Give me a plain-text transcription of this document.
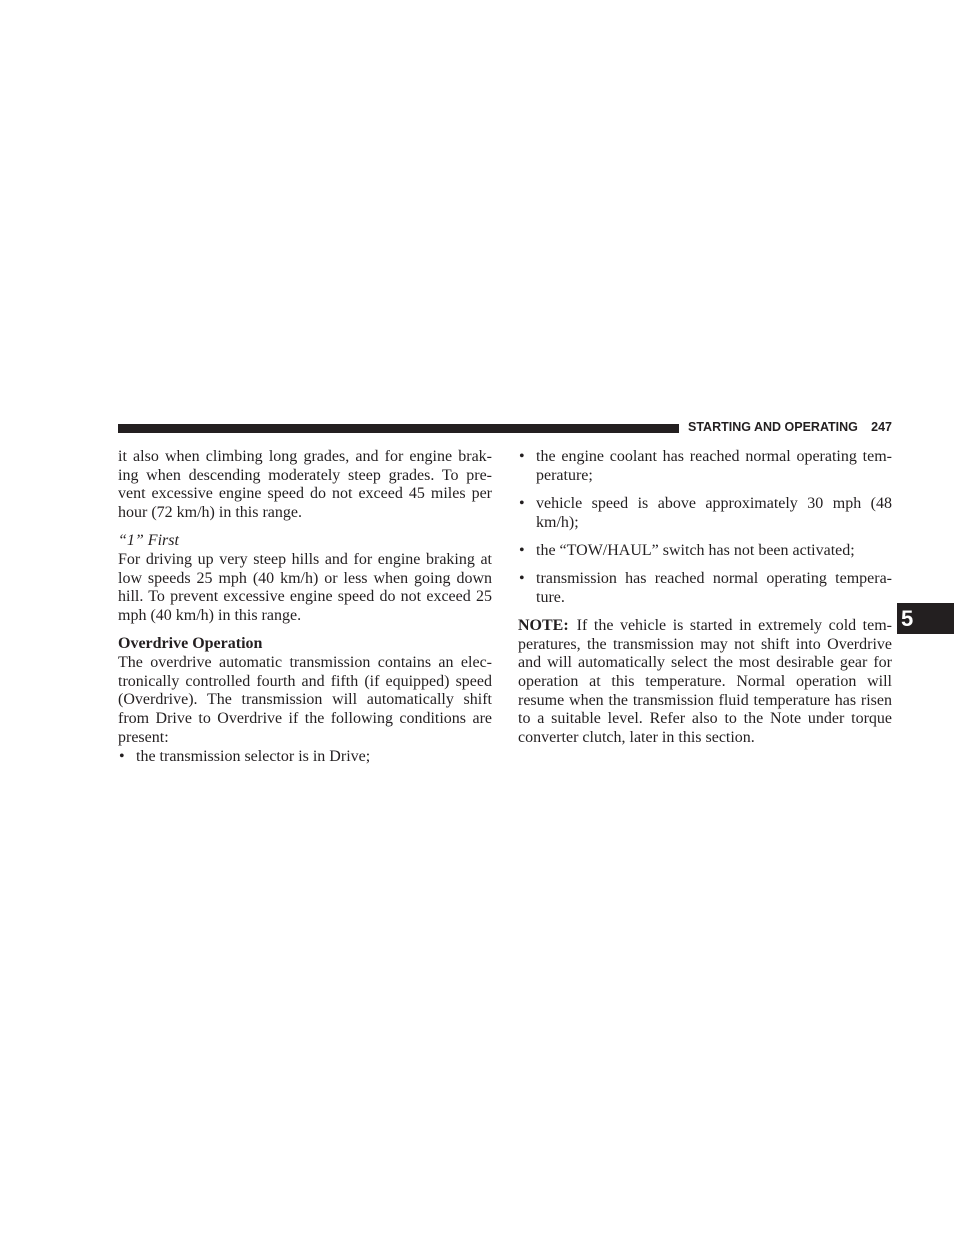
STARTING AND OPERATING 247

it also when climbing long grades, and for engine brak-ing when descending moderately steep grades. To pre-vent excessive engine speed do not exceed 45 miles per hour (72 km/h) in this range.

“1” First

For driving up very steep hills and for engine braking at low speeds 25 mph (40 km/h) or less when going down hill. To prevent excessive engine speed do not exceed 25 mph (40 km/h) in this range.

Overdrive Operation

The overdrive automatic transmission contains an elec-tronically controlled fourth and fifth (if equipped) speed (Overdrive). The transmission will automatically shift from Drive to Overdrive if the following conditions are present:

• the transmission selector is in Drive;
• the engine coolant has reached normal operating tem-perature;
• vehicle speed is above approximately 30 mph (48 km/h);
• the “TOW/HAUL” switch has not been activated;
• transmission has reached normal operating tempera-ture.

NOTE: If the vehicle is started in extremely cold tem-peratures, the transmission may not shift into Overdrive and will automatically select the most desirable gear for operation at this temperature. Normal operation will resume when the transmission fluid temperature has risen to a suitable level. Refer also to the Note under torque converter clutch, later in this section.

5
